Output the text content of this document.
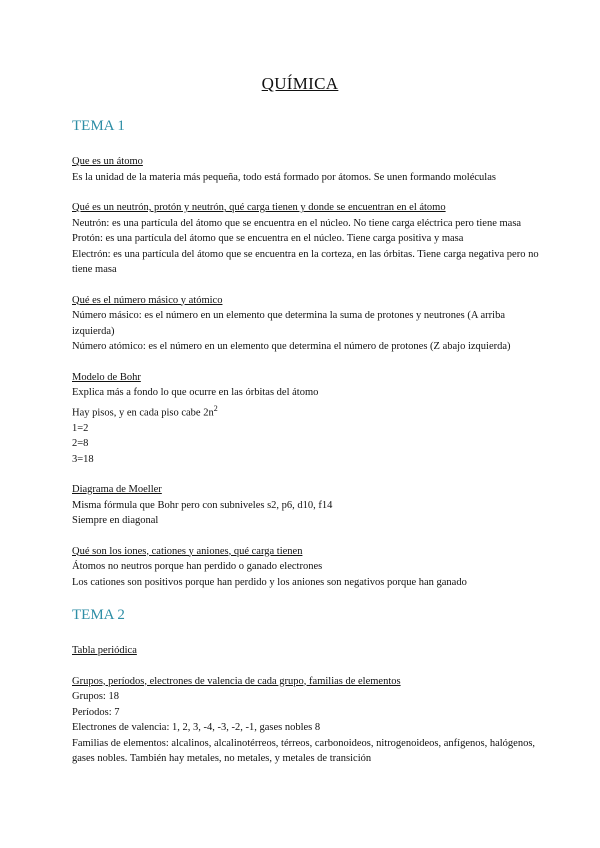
QUÍMICA
TEMA 1
Que es un átomo
Es la unidad de la materia más pequeña, todo está formado por átomos. Se unen formando moléculas
Qué es un neutrón, protón y neutrón, qué carga tienen y donde se encuentran en el átomo
Neutrón: es una partícula del átomo que se encuentra en el núcleo. No tiene carga eléctrica pero tiene masa
Protón: es una partícula del átomo que se encuentra en el núcleo. Tiene carga positiva y masa
Electrón: es una partícula del átomo que se encuentra en la corteza, en las órbitas. Tiene carga negativa pero no tiene masa
Qué es el número másico y atómico
Número másico: es el número en un elemento que determina la suma de protones y neutrones (A arriba izquierda)
Número atómico: es el número en un elemento que determina el número de protones (Z abajo izquierda)
Modelo de Bohr
Explica más a fondo lo que ocurre en las órbitas del átomo
Hay pisos, y en cada piso cabe $2n^2$
1=2
2=8
3=18
Diagrama de Moeller
Misma fórmula que Bohr pero con subniveles s2, p6, d10, f14
Siempre en diagonal
Qué son los iones, cationes y aniones, qué carga tienen
Átomos no neutros porque han perdido o ganado electrones
Los cationes son positivos porque han perdido y los aniones son negativos porque han ganado
TEMA 2
Tabla periódica
Grupos, períodos, electrones de valencia de cada grupo, familias de elementos
Grupos: 18
Períodos: 7
Electrones de valencia: 1, 2, 3, -4, -3, -2, -1, gases nobles 8
Familias de elementos: alcalinos, alcalinotérreos, térreos, carbonoideos, nitrogenoideos, anfígenos, halógenos, gases nobles. También hay metales, no metales, y metales de transición
